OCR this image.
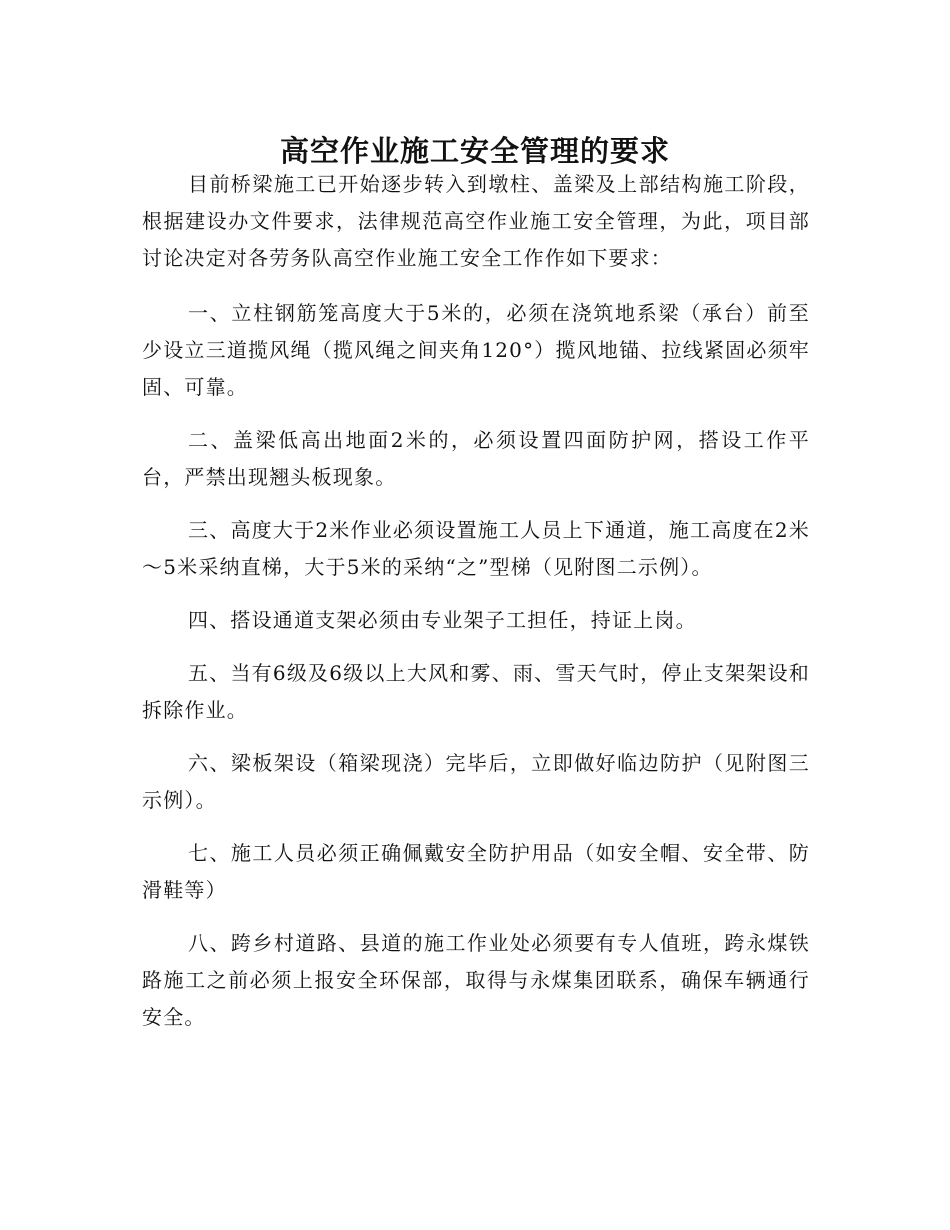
高空作业施工安全管理的要求

目前桥梁施工已开始逐步转入到墩柱、盖梁及上部结构施工阶段，根据建设办文件要求，法律规范高空作业施工安全管理，为此，项目部讨论决定对各劳务队高空作业施工安全工作作如下要求：

一、立柱钢筋笼高度大于5米的，必须在浇筑地系梁（承台）前至少设立三道揽风绳（揽风绳之间夹角120°）揽风地锚、拉线紧固必须牢固、可靠。

二、盖梁低高出地面2米的，必须设置四面防护网，搭设工作平台，严禁出现翘头板现象。

三、高度大于2米作业必须设置施工人员上下通道，施工高度在2米～5米采纳直梯，大于5米的采纳“之”型梯（见附图二示例）。

四、搭设通道支架必须由专业架子工担任，持证上岗。

五、当有6级及6级以上大风和雾、雨、雪天气时，停止支架架设和拆除作业。

六、梁板架设（箱梁现浇）完毕后，立即做好临边防护（见附图三示例）。

七、施工人员必须正确佩戴安全防护用品（如安全帽、安全带、防滑鞋等）

八、跨乡村道路、县道的施工作业处必须要有专人值班，跨永煤铁路施工之前必须上报安全环保部，取得与永煤集团联系，确保车辆通行安全。
